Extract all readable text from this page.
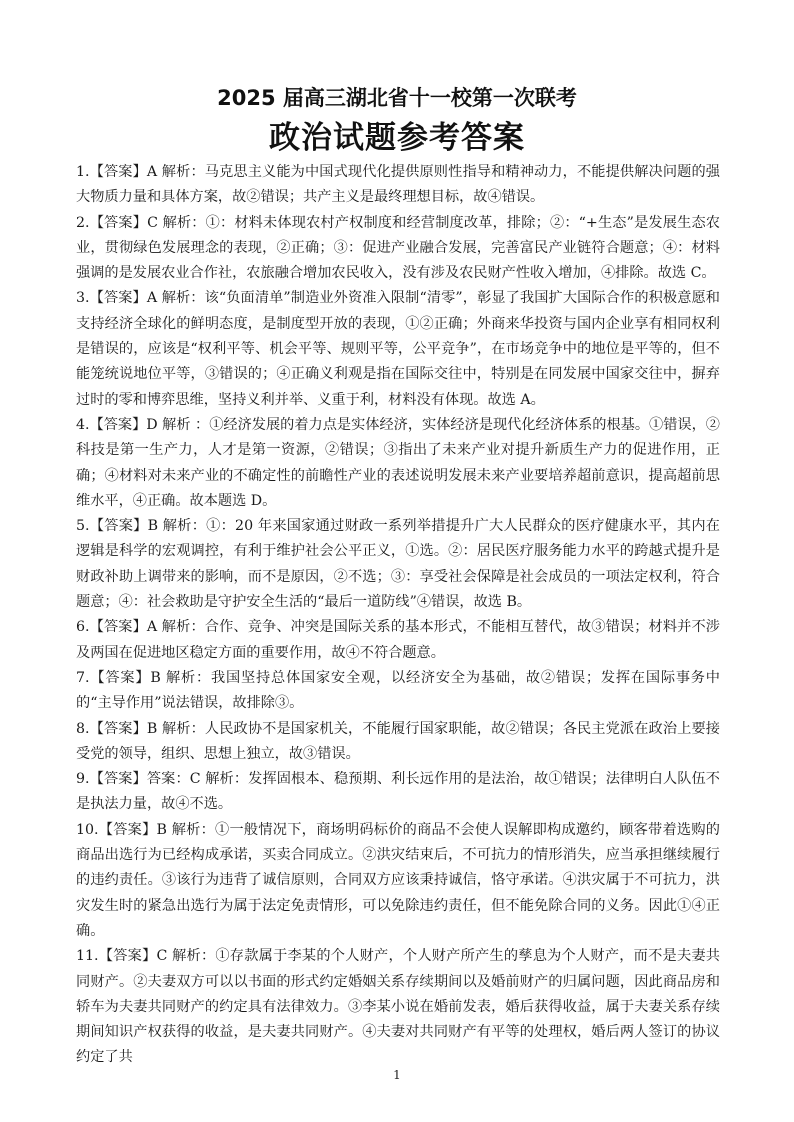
2025 届高三湖北省十一校第一次联考
政治试题参考答案

1.【答案】A 解析：马克思主义能为中国式现代化提供原则性指导和精神动力，不能提供解决问题的强大物质力量和具体方案，故②错误；共产主义是最终理想目标，故④错误。

2.【答案】C 解析：①：材料未体现农村产权制度和经营制度改革，排除；②：“+生态”是发展生态农业，贯彻绿色发展理念的表现，②正确；③：促进产业融合发展，完善富民产业链符合题意；④：材料强调的是发展农业合作社，农旅融合增加农民收入，没有涉及农民财产性收入增加，④排除。故选 C。

3.【答案】A 解析：该“负面清单”制造业外资准入限制“清零”，彰显了我国扩大国际合作的积极意愿和支持经济全球化的鲜明态度，是制度型开放的表现，①②正确；外商来华投资与国内企业享有相同权利是错误的，应该是“权利平等、机会平等、规则平等，公平竞争”，在市场竞争中的地位是平等的，但不能笼统说地位平等，③错误的；④正确义利观是指在国际交往中，特别是在同发展中国家交往中，摒弃过时的零和博弈思维，坚持义利并举、义重于利，材料没有体现。故选 A。

4.【答案】D 解析 ：①经济发展的着力点是实体经济，实体经济是现代化经济体系的根基。①错误，②科技是第一生产力，人才是第一资源，②错误；③指出了未来产业对提升新质生产力的促进作用，正确；④材料对未来产业的不确定性的前瞻性产业的表述说明发展未来产业要培养超前意识，提高超前思维水平，④正确。故本题选 D。

5.【答案】B 解析：①：20 年来国家通过财政一系列举措提升广大人民群众的医疗健康水平，其内在逻辑是科学的宏观调控，有利于维护社会公平正义，①选。②：居民医疗服务能力水平的跨越式提升是财政补助上调带来的影响，而不是原因，②不选；③：享受社会保障是社会成员的一项法定权利，符合题意；④：社会救助是守护安全生活的“最后一道防线”④错误，故选 B。

6.【答案】A 解析：合作、竞争、冲突是国际关系的基本形式，不能相互替代，故③错误；材料并不涉及两国在促进地区稳定方面的重要作用，故④不符合题意。

7.【答案】B 解析：我国坚持总体国家安全观，以经济安全为基础，故②错误；发挥在国际事务中的“主导作用”说法错误，故排除③。

8.【答案】B 解析：人民政协不是国家机关，不能履行国家职能，故②错误；各民主党派在政治上要接受党的领导，组织、思想上独立，故③错误。

9.【答案】答案：C 解析：发挥固根本、稳预期、利长远作用的是法治，故①错误；法律明白人队伍不是执法力量，故④不选。

10.【答案】B 解析：①一般情况下，商场明码标价的商品不会使人误解即构成邀约，顾客带着选购的商品出选行为已经构成承诺，买卖合同成立。②洪灾结束后，不可抗力的情形消失，应当承担继续履行的违约责任。③该行为违背了诚信原则，合同双方应该秉持诚信，恪守承诺。④洪灾属于不可抗力，洪灾发生时的紧急出选行为属于法定免责情形，可以免除违约责任，但不能免除合同的义务。因此①④正确。

11.【答案】C 解析：①存款属于李某的个人财产，个人财产所产生的孳息为个人财产，而不是夫妻共同财产。②夫妻双方可以以书面的形式约定婚姻关系存续期间以及婚前财产的归属问题，因此商品房和轿车为夫妻共同财产的约定具有法律效力。③李某小说在婚前发表，婚后获得收益，属于夫妻关系存续期间知识产权获得的收益，是夫妻共同财产。④夫妻对共同财产有平等的处理权，婚后两人签订的协议约定了共

1
